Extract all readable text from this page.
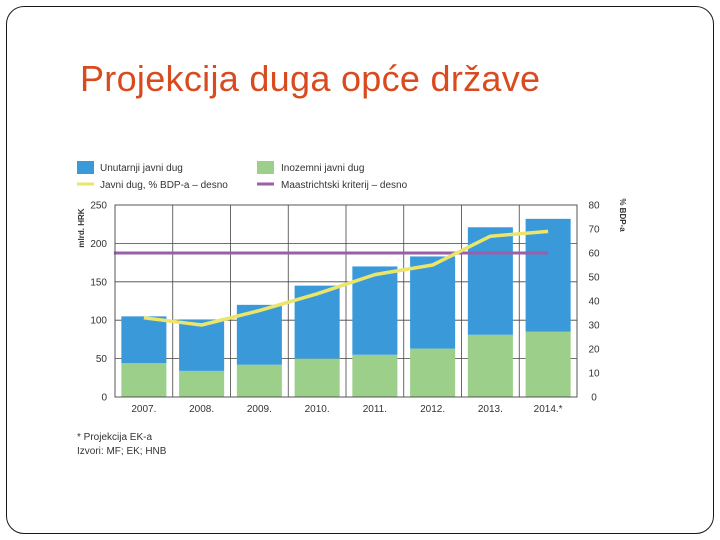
Projekcija duga opće države
Unutarnji javni dug	Inozemni javni dug
Javni dug, % BDP-a – desno	Maastrichtski kriterij – desno
mlrd. HRK	% BDP-a
0
50
100
150
200
250
0
10
20
30
40
50
60
70
80
2007.	2008.	2009.	2010.	2011.	2012.	2013.	2014.*
* Projekcija EK-a
Izvori: MF; EK; HNB
